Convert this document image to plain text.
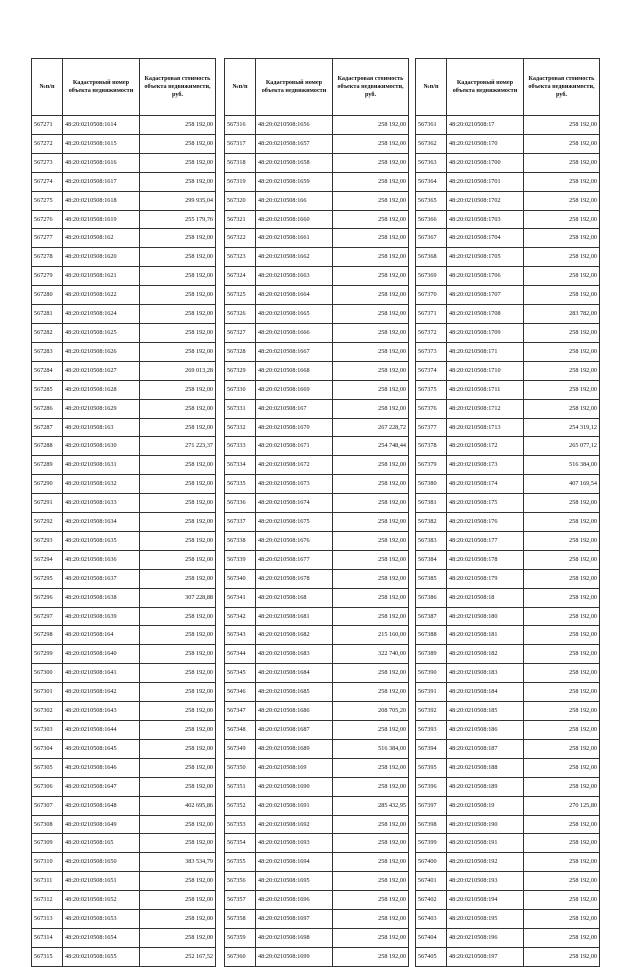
№п/п	Кадастровый номер объекта недвижимости	Кадастровая стоимость объекта недвижимости, руб.
567271	48:20:0210508:1614	258 192,00
567272	48:20:0210508:1615	258 192,00
567273	48:20:0210508:1616	258 192,00
567274	48:20:0210508:1617	258 192,00
567275	48:20:0210508:1618	299 935,04
567276	48:20:0210508:1619	255 179,76
567277	48:20:0210508:162	258 192,00
567278	48:20:0210508:1620	258 192,00
567279	48:20:0210508:1621	258 192,00
567280	48:20:0210508:1622	258 192,00
567281	48:20:0210508:1624	258 192,00
567282	48:20:0210508:1625	258 192,00
567283	48:20:0210508:1626	258 192,00
567284	48:20:0210508:1627	269 013,28
567285	48:20:0210508:1628	258 192,00
567286	48:20:0210508:1629	258 192,00
567287	48:20:0210508:163	258 192,00
567288	48:20:0210508:1630	271 223,37
567289	48:20:0210508:1631	258 192,00
567290	48:20:0210508:1632	258 192,00
567291	48:20:0210508:1633	258 192,00
567292	48:20:0210508:1634	258 192,00
567293	48:20:0210508:1635	258 192,00
567294	48:20:0210508:1636	258 192,00
567295	48:20:0210508:1637	258 192,00
567296	48:20:0210508:1638	307 228,88
567297	48:20:0210508:1639	258 192,00
567298	48:20:0210508:164	258 192,00
567299	48:20:0210508:1640	258 192,00
567300	48:20:0210508:1641	258 192,00
567301	48:20:0210508:1642	258 192,00
567302	48:20:0210508:1643	258 192,00
567303	48:20:0210508:1644	258 192,00
567304	48:20:0210508:1645	258 192,00
567305	48:20:0210508:1646	258 192,00
567306	48:20:0210508:1647	258 192,00
567307	48:20:0210508:1648	402 695,86
567308	48:20:0210508:1649	258 192,00
567309	48:20:0210508:165	258 192,00
567310	48:20:0210508:1650	383 534,79
567311	48:20:0210508:1651	258 192,00
567312	48:20:0210508:1652	258 192,00
567313	48:20:0210508:1653	258 192,00
567314	48:20:0210508:1654	258 192,00
567315	48:20:0210508:1655	252 167,52
№п/п	Кадастровый номер объекта недвижимости	Кадастровая стоимость объекта недвижимости, руб.
567316	48:20:0210508:1656	258 192,00
567317	48:20:0210508:1657	258 192,00
567318	48:20:0210508:1658	258 192,00
567319	48:20:0210508:1659	258 192,00
567320	48:20:0210508:166	258 192,00
567321	48:20:0210508:1660	258 192,00
567322	48:20:0210508:1661	258 192,00
567323	48:20:0210508:1662	258 192,00
567324	48:20:0210508:1663	258 192,00
567325	48:20:0210508:1664	258 192,00
567326	48:20:0210508:1665	258 192,00
567327	48:20:0210508:1666	258 192,00
567328	48:20:0210508:1667	258 192,00
567329	48:20:0210508:1668	258 192,00
567330	48:20:0210508:1669	258 192,00
567331	48:20:0210508:167	258 192,00
567332	48:20:0210508:1670	267 228,72
567333	48:20:0210508:1671	254 748,44
567334	48:20:0210508:1672	258 192,00
567335	48:20:0210508:1673	258 192,00
567336	48:20:0210508:1674	258 192,00
567337	48:20:0210508:1675	258 192,00
567338	48:20:0210508:1676	258 192,00
567339	48:20:0210508:1677	258 192,00
567340	48:20:0210508:1678	258 192,00
567341	48:20:0210508:168	258 192,00
567342	48:20:0210508:1681	258 192,00
567343	48:20:0210508:1682	215 160,00
567344	48:20:0210508:1683	322 740,00
567345	48:20:0210508:1684	258 192,00
567346	48:20:0210508:1685	258 192,00
567347	48:20:0210508:1686	208 705,20
567348	48:20:0210508:1687	258 192,00
567349	48:20:0210508:1689	516 384,00
567350	48:20:0210508:169	258 192,00
567351	48:20:0210508:1690	258 192,00
567352	48:20:0210508:1691	285 432,95
567353	48:20:0210508:1692	258 192,00
567354	48:20:0210508:1693	258 192,00
567355	48:20:0210508:1694	258 192,00
567356	48:20:0210508:1695	258 192,00
567357	48:20:0210508:1696	258 192,00
567358	48:20:0210508:1697	258 192,00
567359	48:20:0210508:1698	258 192,00
567360	48:20:0210508:1699	258 192,00
№п/п	Кадастровый номер объекта недвижимости	Кадастровая стоимость объекта недвижимости, руб.
567361	48:20:0210508:17	258 192,00
567362	48:20:0210508:170	258 192,00
567363	48:20:0210508:1700	258 192,00
567364	48:20:0210508:1701	258 192,00
567365	48:20:0210508:1702	258 192,00
567366	48:20:0210508:1703	258 192,00
567367	48:20:0210508:1704	258 192,00
567368	48:20:0210508:1705	258 192,00
567369	48:20:0210508:1706	258 192,00
567370	48:20:0210508:1707	258 192,00
567371	48:20:0210508:1708	283 782,00
567372	48:20:0210508:1709	258 192,00
567373	48:20:0210508:171	258 192,00
567374	48:20:0210508:1710	258 192,00
567375	48:20:0210508:1711	258 192,00
567376	48:20:0210508:1712	258 192,00
567377	48:20:0210508:1713	254 319,12
567378	48:20:0210508:172	265 077,12
567379	48:20:0210508:173	516 384,00
567380	48:20:0210508:174	407 169,54
567381	48:20:0210508:175	258 192,00
567382	48:20:0210508:176	258 192,00
567383	48:20:0210508:177	258 192,00
567384	48:20:0210508:178	258 192,00
567385	48:20:0210508:179	258 192,00
567386	48:20:0210508:18	258 192,00
567387	48:20:0210508:180	258 192,00
567388	48:20:0210508:181	258 192,00
567389	48:20:0210508:182	258 192,00
567390	48:20:0210508:183	258 192,00
567391	48:20:0210508:184	258 192,00
567392	48:20:0210508:185	258 192,00
567393	48:20:0210508:186	258 192,00
567394	48:20:0210508:187	258 192,00
567395	48:20:0210508:188	258 192,00
567396	48:20:0210508:189	258 192,00
567397	48:20:0210508:19	270 125,80
567398	48:20:0210508:190	258 192,00
567399	48:20:0210508:191	258 192,00
567400	48:20:0210508:192	258 192,00
567401	48:20:0210508:193	258 192,00
567402	48:20:0210508:194	258 192,00
567403	48:20:0210508:195	258 192,00
567404	48:20:0210508:196	258 192,00
567405	48:20:0210508:197	258 192,00
